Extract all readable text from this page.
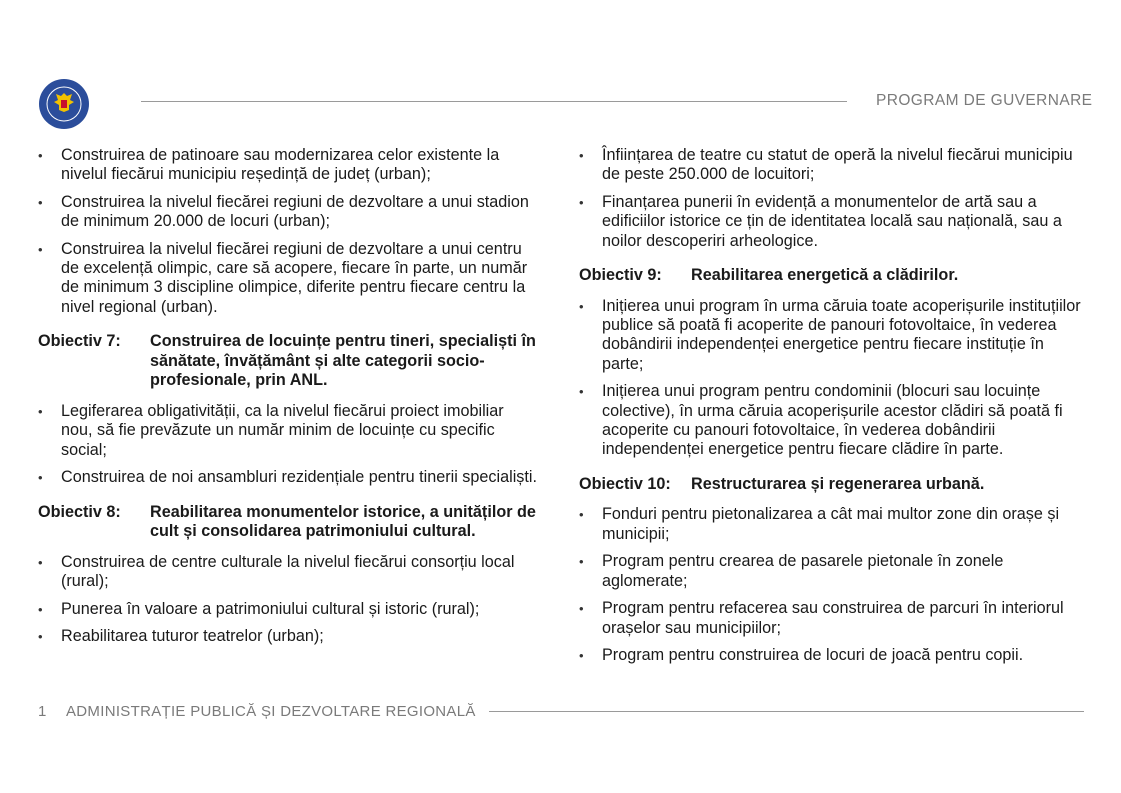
PROGRAM DE GUVERNARE
• Construirea de patinoare sau modernizarea celor existente la nivelul fiecărui municipiu reședință de județ (urban);
• Construirea la nivelul fiecărei regiuni de dezvoltare a unui stadion de minimum 20.000 de locuri (urban);
• Construirea la nivelul fiecărei regiuni de dezvoltare a unui centru de excelență olimpic, care să acopere, fiecare în parte, un număr de minimum 3 discipline olimpice, diferite pentru fiecare centru la nivel regional (urban).
Obiectiv 7:	Construirea de locuințe pentru tineri, specialiști în sănătate, învățământ și alte categorii socio-profesionale, prin ANL.
• Legiferarea obligativității, ca la nivelul fiecărui proiect imobiliar nou, să fie prevăzute un număr minim de locuințe cu specific social;
• Construirea de noi ansambluri rezidențiale pentru tinerii specialiști.
Obiectiv 8:	Reabilitarea monumentelor istorice, a unităților de cult și consolidarea patrimoniului cultural.
• Construirea de centre culturale la nivelul fiecărui consorțiu local (rural);
• Punerea în valoare a patrimoniului cultural și istoric (rural);
• Reabilitarea tuturor teatrelor (urban);
• Înființarea de teatre cu statut de operă la nivelul fiecărui municipiu de peste 250.000 de locuitori;
• Finanțarea punerii în evidență a monumentelor de artă sau a edificiilor istorice ce țin de identitatea locală sau națională, sau a noilor descoperiri arheologice.
Obiectiv 9:	Reabilitarea energetică a clădirilor.
• Inițierea unui program în urma căruia toate acoperișurile instituțiilor publice să poată fi acoperite de panouri fotovoltaice, în vederea dobândirii independenței energetice pentru fiecare instituție în parte;
• Inițierea unui program pentru condominii (blocuri sau locuințe colective), în urma căruia acoperișurile acestor clădiri să poată fi acoperite cu panouri fotovoltaice, în vederea dobândirii independenței energetice pentru fiecare clădire în parte.
Obiectiv 10:	Restructurarea și regenerarea urbană.
• Fonduri pentru pietonalizarea a cât mai multor zone din orașe și municipii;
• Program pentru crearea de pasarele pietonale în zonele aglomerate;
• Program pentru refacerea sau construirea de parcuri în interiorul orașelor sau municipiilor;
• Program pentru construirea de locuri de joacă pentru copii.
1 ADMINISTRAȚIE PUBLICĂ ȘI DEZVOLTARE REGIONALĂ
